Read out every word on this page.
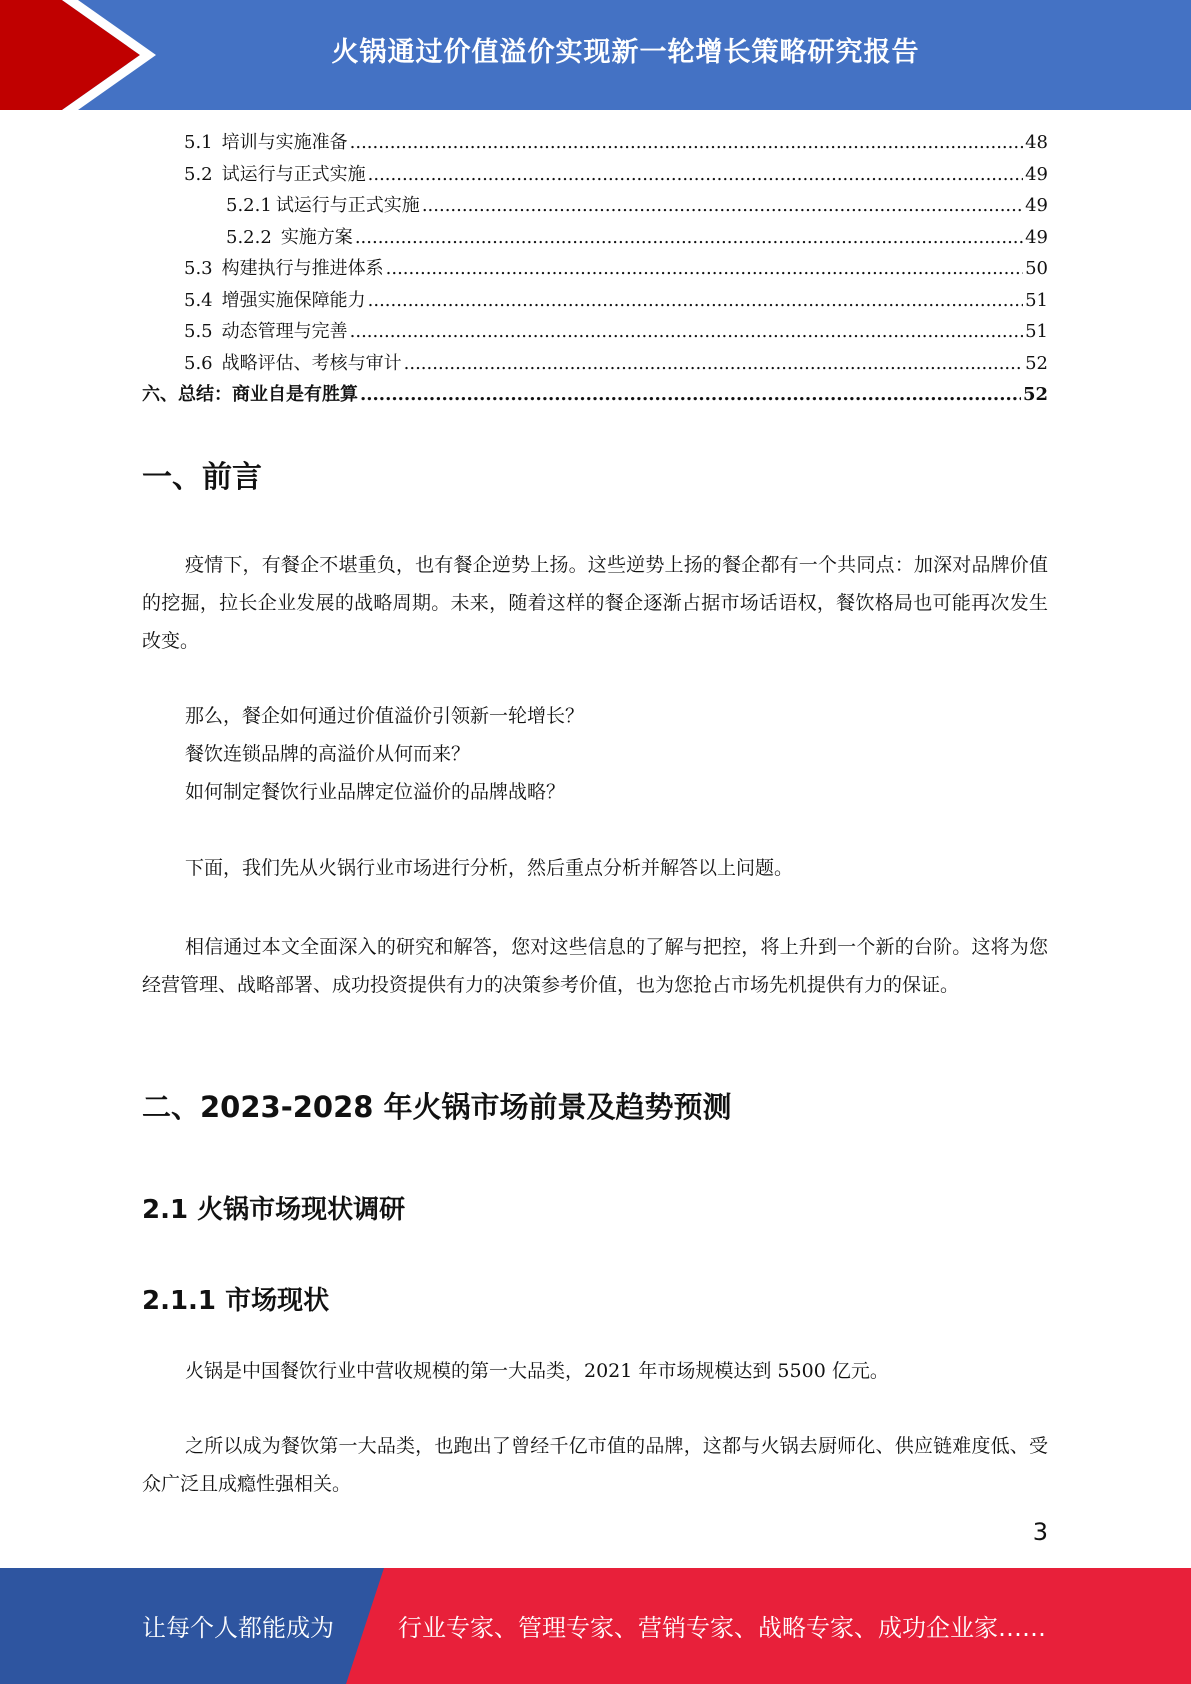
火锅通过价值溢价实现新一轮增长策略研究报告
5.1 培训与实施准备 .....	48
5.2 试运行与正式实施 .....	49
5.2.1 试运行与正式实施 .....	49
5.2.2 实施方案 .....	49
5.3 构建执行与推进体系 .....	50
5.4 增强实施保障能力 .....	51
5.5 动态管理与完善 .....	51
5.6 战略评估、考核与审计 .....	52
六、总结：商业自是有胜算 .....	52
一、前言
疫情下，有餐企不堪重负，也有餐企逆势上扬。这些逆势上扬的餐企都有一个共同点：加深对品牌价值的挖掘，拉长企业发展的战略周期。未来，随着这样的餐企逐渐占据市场话语权，餐饮格局也可能再次发生改变。
那么，餐企如何通过价值溢价引领新一轮增长？
餐饮连锁品牌的高溢价从何而来？
如何制定餐饮行业品牌定位溢价的品牌战略？
下面，我们先从火锅行业市场进行分析，然后重点分析并解答以上问题。
相信通过本文全面深入的研究和解答，您对这些信息的了解与把控，将上升到一个新的台阶。这将为您经营管理、战略部署、成功投资提供有力的决策参考价值，也为您抢占市场先机提供有力的保证。
二、2023-2028 年火锅市场前景及趋势预测
2.1 火锅市场现状调研
2.1.1 市场现状
火锅是中国餐饮行业中营收规模的第一大品类，2021 年市场规模达到 5500 亿元。
之所以成为餐饮第一大品类，也跑出了曾经千亿市值的品牌，这都与火锅去厨师化、供应链难度低、受众广泛且成瘾性强相关。
3
让每个人都能成为	行业专家、管理专家、营销专家、战略专家、成功企业家……
